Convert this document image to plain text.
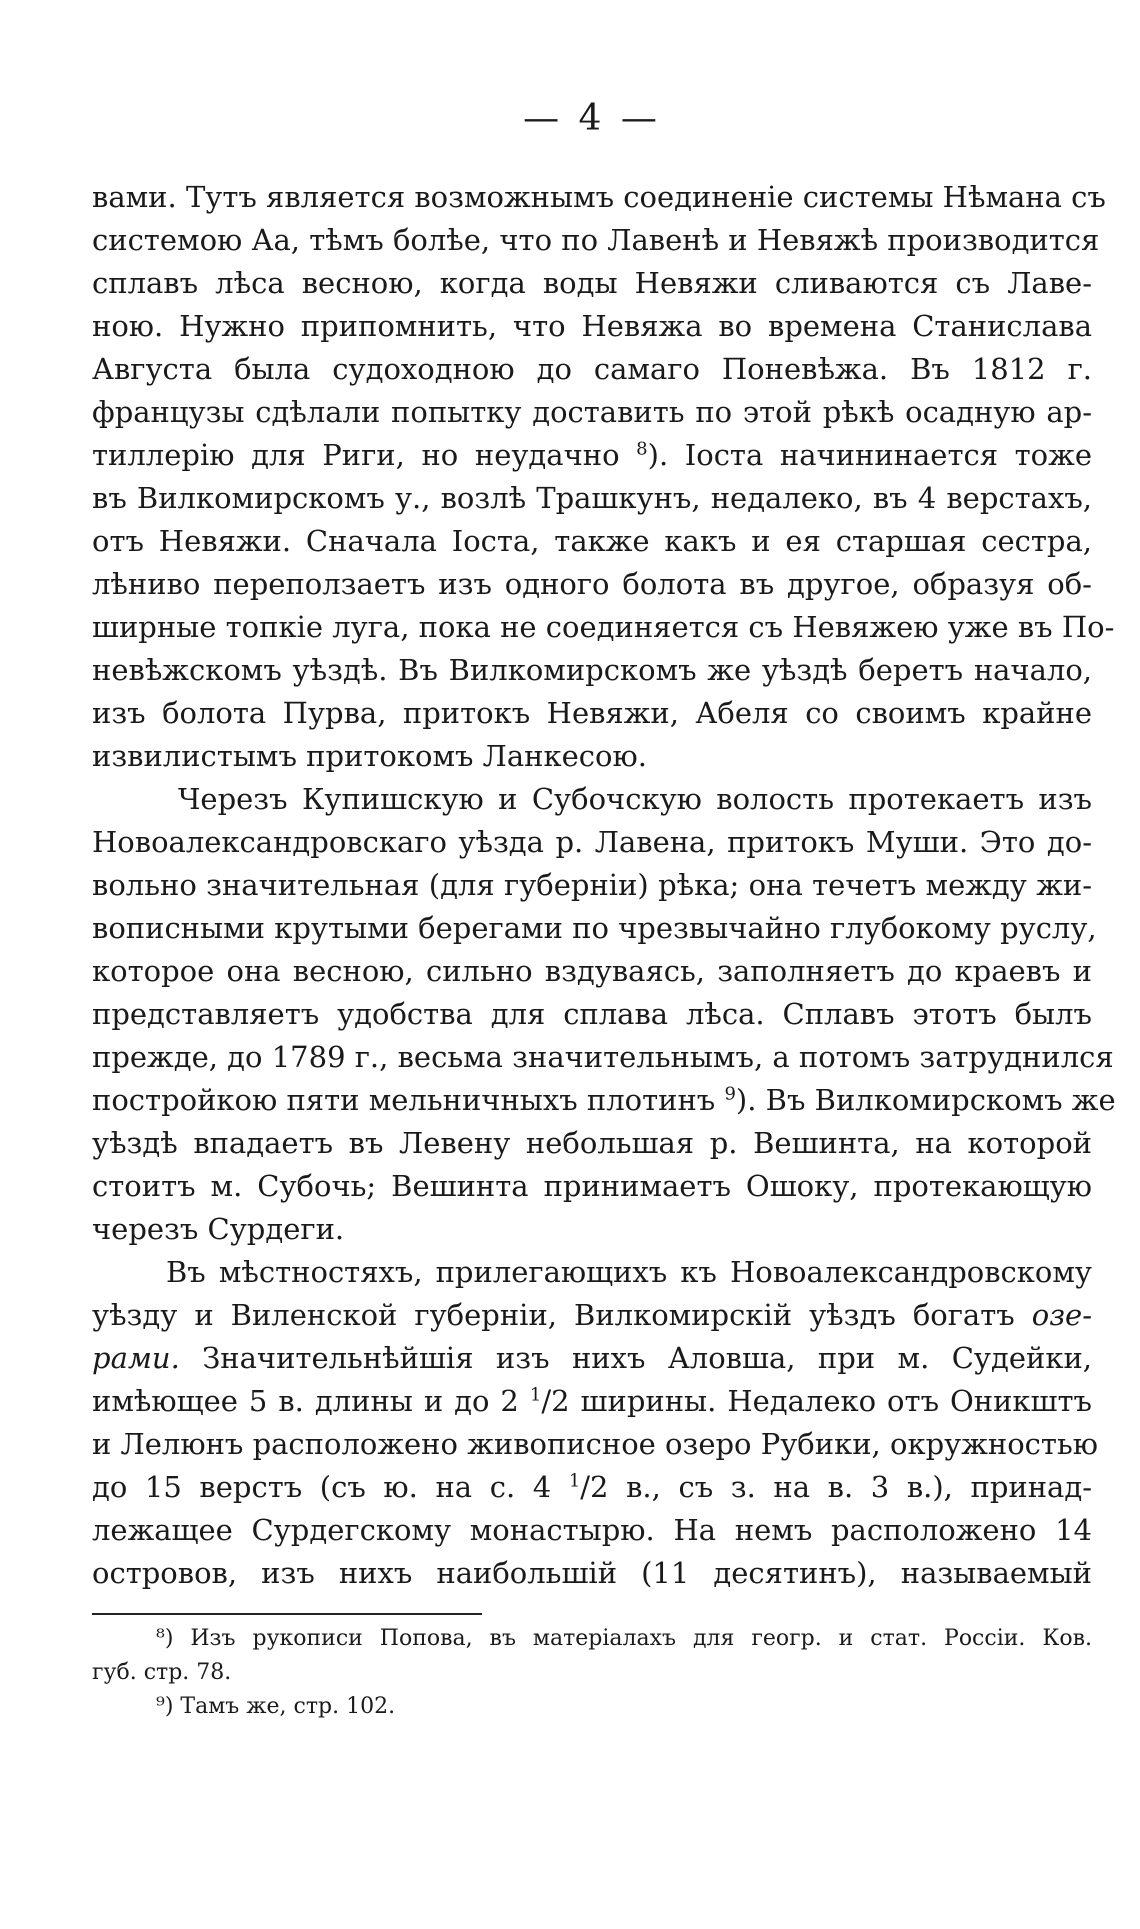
— 4 —
вами. Тутъ является возможнымъ соединеніе системы Нѣмана съ
системою Аа, тѣмъ болѣе, что по Лавенѣ и Невяжѣ производится
сплавъ лѣса весною, когда воды Невяжи сливаются съ Лаве-
ною. Нужно припомнить, что Невяжа во времена Станислава
Августа была судоходною до самаго Поневѣжа. Въ 1812 г.
французы сдѣлали попытку доставить по этой рѣкѣ осадную ар-
тиллерію для Риги, но неудачно $^8$). Іоста начининается тоже
въ Вилкомирскомъ у., возлѣ Трашкунъ, недалеко, въ 4 верстахъ,
отъ Невяжи. Сначала Іоста, также какъ и ея старшая сестра,
лѣниво переползаетъ изъ одного болота въ другое, образуя об-
ширные топкіе луга, пока не соединяется съ Невяжею уже въ По-
невѣжскомъ уѣздѣ. Въ Вилкомирскомъ же уѣздѣ беретъ начало,
изъ болота Пурва, притокъ Невяжи, Абеля со своимъ крайне
извилистымъ притокомъ Ланкесою.
Черезъ Купишскую и Субочскую волость протекаетъ изъ
Новоалександровскаго уѣзда р. Лавена, притокъ Муши. Это до-
вольно значительная (для губерніи) рѣка; она течетъ между жи-
вописными крутыми берегами по чрезвычайно глубокому руслу,
которое она весною, сильно вздуваясь, заполняетъ до краевъ и
представляетъ удобства для сплава лѣса. Сплавъ этотъ былъ
прежде, до 1789 г., весьма значительнымъ, а потомъ затруднился
постройкою пяти мельничныхъ плотинъ $^9$). Въ Вилкомирскомъ же
уѣздѣ впадаетъ въ Левену небольшая р. Вешинта, на которой
стоитъ м. Субочь; Вешинта принимаетъ Ошоку, протекающую
черезъ Сурдеги.
Въ мѣстностяхъ, прилегающихъ къ Новоалександровскому
уѣзду и Виленской губерніи, Вилкомирскій уѣздъ богатъ озе-
рами. Значительнѣйшія изъ нихъ Аловша, при м. Судейки,
имѣющее 5 в. длины и до 2 $^1$/2 ширины. Недалеко отъ Оникштъ
и Лелюнъ расположено живописное озеро Рубики, окружностью
до 15 верстъ (съ ю. на с. 4 $^1$/2 в., съ з. на в. 3 в.), принад-
лежащее Сурдегскому монастырю. На немъ расположено 14
островов, изъ нихъ наибольшій (11 десятинъ), называемый
⁸) Изъ рукописи Попова, въ матеріалахъ для геогр. и стат. Россіи. Ков.
губ. стр. 78.
⁹) Тамъ же, стр. 102.
